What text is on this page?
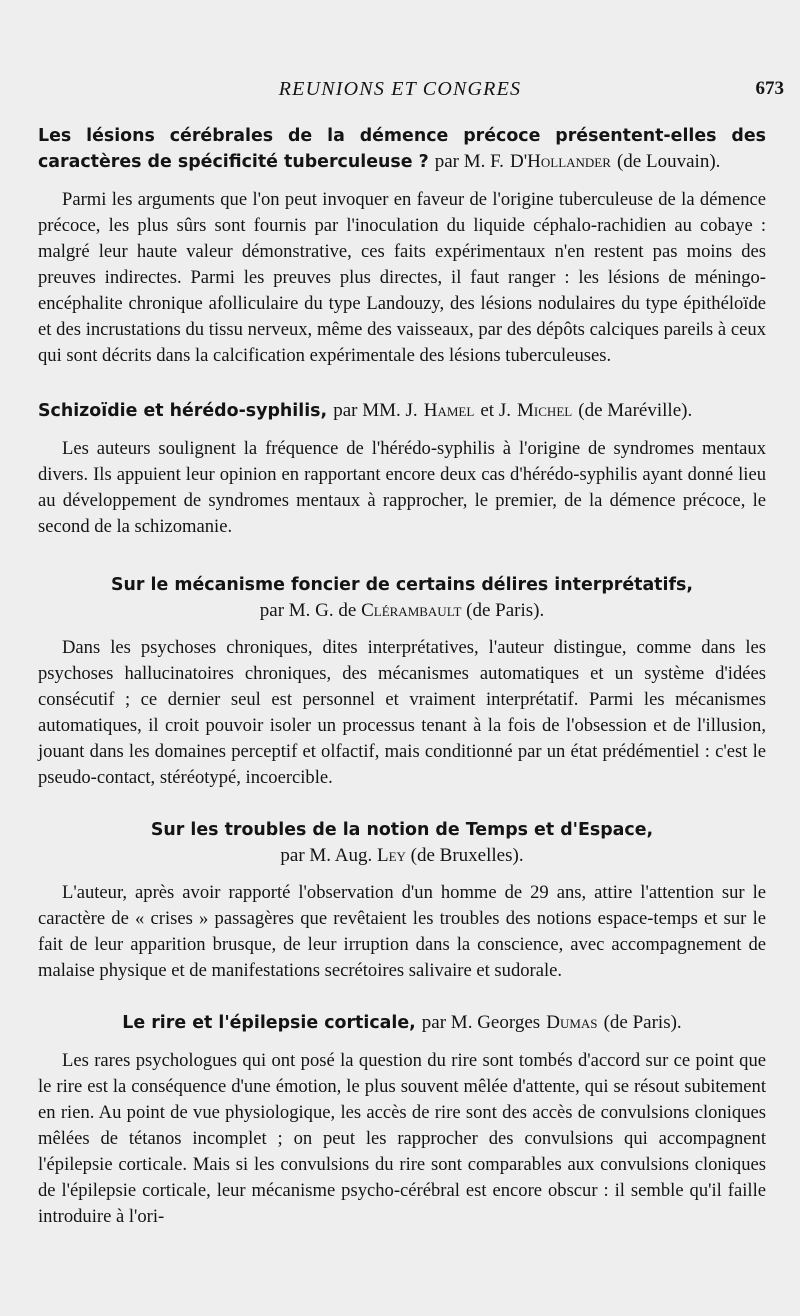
REUNIONS ET CONGRES	673
Les lésions cérébrales de la démence précoce présentent-elles des caractères de spécificité tuberculeuse ? par M. F. D'Hollander (de Louvain).

Parmi les arguments que l'on peut invoquer en faveur de l'origine tuberculeuse de la démence précoce, les plus sûrs sont fournis par l'inoculation du liquide céphalo-rachidien au cobaye : malgré leur haute valeur démonstrative, ces faits expérimentaux n'en restent pas moins des preuves indirectes. Parmi les preuves plus directes, il faut ranger : les lésions de méningo-encéphalite chronique afolliculaire du type Landouzy, des lésions nodulaires du type épithéloïde et des incrustations du tissu nerveux, même des vaisseaux, par des dépôts calciques pareils à ceux qui sont décrits dans la calcification expérimentale des lésions tuberculeuses.

Schizoïdie et hérédo-syphilis, par MM. J. Hamel et J. Michel (de Maréville).

Les auteurs soulignent la fréquence de l'hérédo-syphilis à l'origine de syndromes mentaux divers. Ils appuient leur opinion en rapportant encore deux cas d'hérédo-syphilis ayant donné lieu au développement de syndromes mentaux à rapprocher, le premier, de la démence précoce, le second de la schizomanie.

Sur le mécanisme foncier de certains délires interprétatifs,
par M. G. de Clérambault (de Paris).

Dans les psychoses chroniques, dites interprétatives, l'auteur distingue, comme dans les psychoses hallucinatoires chroniques, des mécanismes automatiques et un système d'idées consécutif ; ce dernier seul est personnel et vraiment interprétatif. Parmi les mécanismes automatiques, il croit pouvoir isoler un processus tenant à la fois de l'obsession et de l'illusion, jouant dans les domaines perceptif et olfactif, mais conditionné par un état prédémentiel : c'est le pseudo-contact, stéréotypé, incoercible.

Sur les troubles de la notion de Temps et d'Espace,
par M. Aug. Ley (de Bruxelles).

L'auteur, après avoir rapporté l'observation d'un homme de 29 ans, attire l'attention sur le caractère de « crises » passagères que revêtaient les troubles des notions espace-temps et sur le fait de leur apparition brusque, de leur irruption dans la conscience, avec accompagnement de malaise physique et de manifestations secrétoires salivaire et sudorale.

Le rire et l'épilepsie corticale, par M. Georges Dumas (de Paris).

Les rares psychologues qui ont posé la question du rire sont tombés d'accord sur ce point que le rire est la conséquence d'une émotion, le plus souvent mêlée d'attente, qui se résout subitement en rien. Au point de vue physiologique, les accès de rire sont des accès de convulsions cloniques mêlées de tétanos incomplet ; on peut les rapprocher des convulsions qui accompagnent l'épilepsie corticale. Mais si les convulsions du rire sont comparables aux convulsions cloniques de l'épilepsie corticale, leur mécanisme psycho-cérébral est encore obscur : il semble qu'il faille introduire à l'ori-
